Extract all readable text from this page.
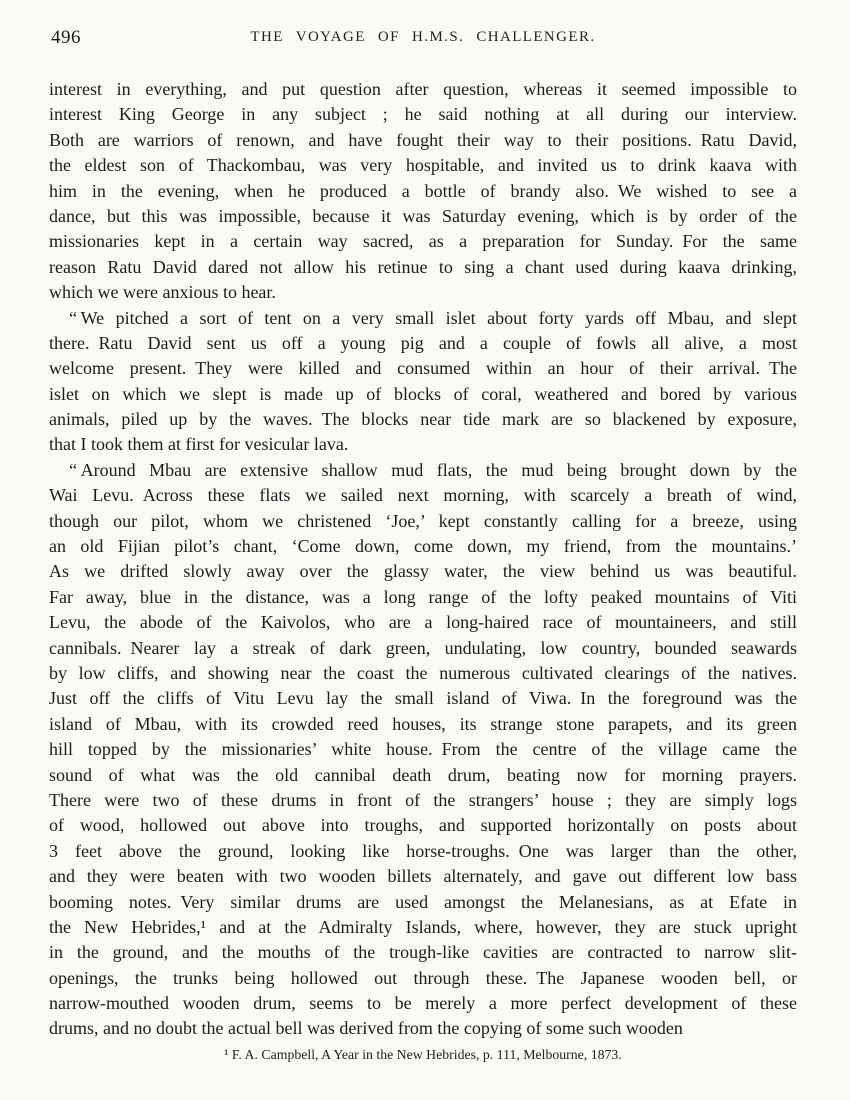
496	THE VOYAGE OF H.M.S. CHALLENGER.
interest in everything, and put question after question, whereas it seemed impossible to
interest King George in any subject ; he said nothing at all during our interview.
Both are warriors of renown, and have fought their way to their positions. Ratu David,
the eldest son of Thackombau, was very hospitable, and invited us to drink kaava with
him in the evening, when he produced a bottle of brandy also. We wished to see a
dance, but this was impossible, because it was Saturday evening, which is by order of the
missionaries kept in a certain way sacred, as a preparation for Sunday. For the same
reason Ratu David dared not allow his retinue to sing a chant used during kaava drinking,
which we were anxious to hear.
“ We pitched a sort of tent on a very small islet about forty yards off Mbau, and slept
there. Ratu David sent us off a young pig and a couple of fowls all alive, a most
welcome present. They were killed and consumed within an hour of their arrival. The
islet on which we slept is made up of blocks of coral, weathered and bored by various
animals, piled up by the waves. The blocks near tide mark are so blackened by exposure,
that I took them at first for vesicular lava.
“ Around Mbau are extensive shallow mud flats, the mud being brought down by the
Wai Levu. Across these flats we sailed next morning, with scarcely a breath of wind,
though our pilot, whom we christened ‘Joe,’ kept constantly calling for a breeze, using
an old Fijian pilot’s chant, ‘Come down, come down, my friend, from the mountains.’
As we drifted slowly away over the glassy water, the view behind us was beautiful.
Far away, blue in the distance, was a long range of the lofty peaked mountains of Viti
Levu, the abode of the Kaivolos, who are a long-haired race of mountaineers, and still
cannibals. Nearer lay a streak of dark green, undulating, low country, bounded seawards
by low cliffs, and showing near the coast the numerous cultivated clearings of the natives.
Just off the cliffs of Vitu Levu lay the small island of Viwa. In the foreground was the
island of Mbau, with its crowded reed houses, its strange stone parapets, and its green
hill topped by the missionaries’ white house. From the centre of the village came the
sound of what was the old cannibal death drum, beating now for morning prayers.
There were two of these drums in front of the strangers’ house ; they are simply logs
of wood, hollowed out above into troughs, and supported horizontally on posts about
3 feet above the ground, looking like horse-troughs. One was larger than the other,
and they were beaten with two wooden billets alternately, and gave out different low bass
booming notes. Very similar drums are used amongst the Melanesians, as at Efate in
the New Hebrides,¹ and at the Admiralty Islands, where, however, they are stuck upright
in the ground, and the mouths of the trough-like cavities are contracted to narrow slit-
openings, the trunks being hollowed out through these. The Japanese wooden bell, or
narrow-mouthed wooden drum, seems to be merely a more perfect development of these
drums, and no doubt the actual bell was derived from the copying of some such wooden
¹ F. A. Campbell, A Year in the New Hebrides, p. 111, Melbourne, 1873.
